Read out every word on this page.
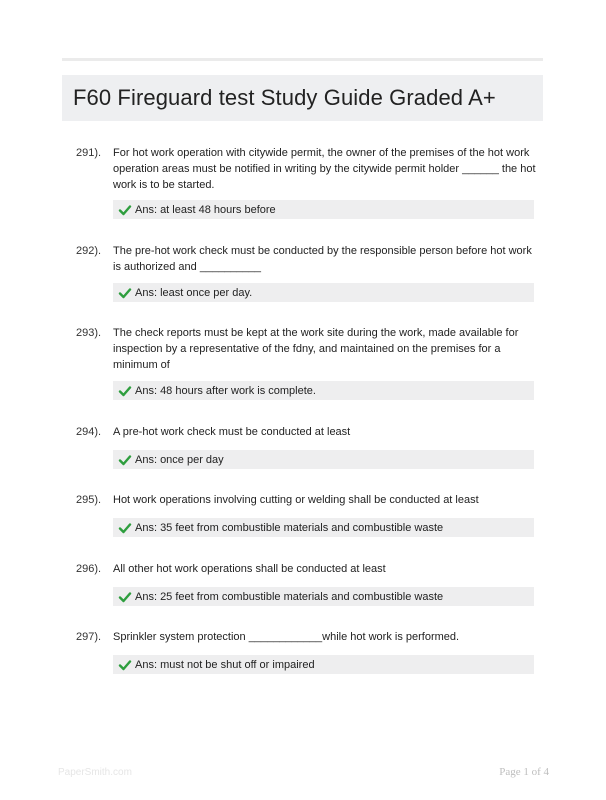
F60 Fireguard test Study Guide Graded A+
291). For hot work operation with citywide permit, the owner of the premises of the hot work operation areas must be notified in writing by the citywide permit holder ______ the hot work is to be started.
Ans: at least 48 hours before
292). The pre-hot work check must be conducted by the responsible person before hot work is authorized and __________
Ans: least once per day.
293). The check reports must be kept at the work site during the work, made available for inspection by a representative of the fdny, and maintained on the premises for a minimum of
Ans: 48 hours after work is complete.
294). A pre-hot work check must be conducted at least
Ans: once per day
295). Hot work operations involving cutting or welding shall be conducted at least
Ans: 35 feet from combustible materials and combustible waste
296). All other hot work operations shall be conducted at least
Ans: 25 feet from combustible materials and combustible waste
297). Sprinkler system protection ____________while hot work is performed.
Ans: must not be shut off or impaired
PaperSmith.com	Page 1 of 4
